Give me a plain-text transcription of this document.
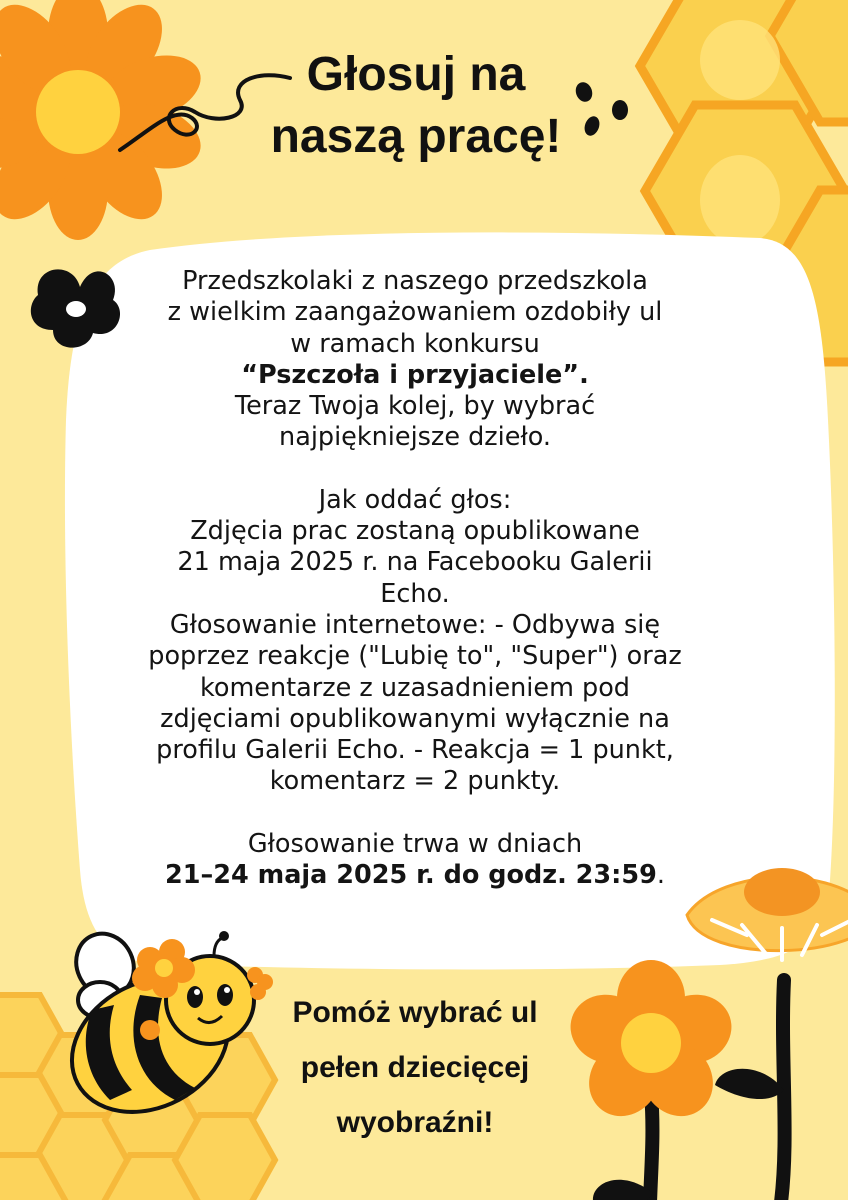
Głosuj na
naszą pracę!
Przedszkolaki z naszego przedszkola
z wielkim zaangażowaniem ozdobiły ul
w ramach konkursu
“Pszczoła i przyjaciele”.
Teraz Twoja kolej, by wybrać
najpiękniejsze dzieło.
Jak oddać głos:
Zdjęcia prac zostaną opublikowane
21 maja 2025 r. na Facebooku Galerii
Echo.
Głosowanie internetowe: - Odbywa się
poprzez reakcje ("Lubię to", "Super") oraz
komentarze z uzasadnieniem pod
zdjęciami opublikowanymi wyłącznie na
profilu Galerii Echo. - Reakcja = 1 punkt,
komentarz = 2 punkty.
Głosowanie trwa w dniach
21–24 maja 2025 r. do godz. 23:59.
Pomóż wybrać ul
pełen dziecięcej
wyobraźni!
